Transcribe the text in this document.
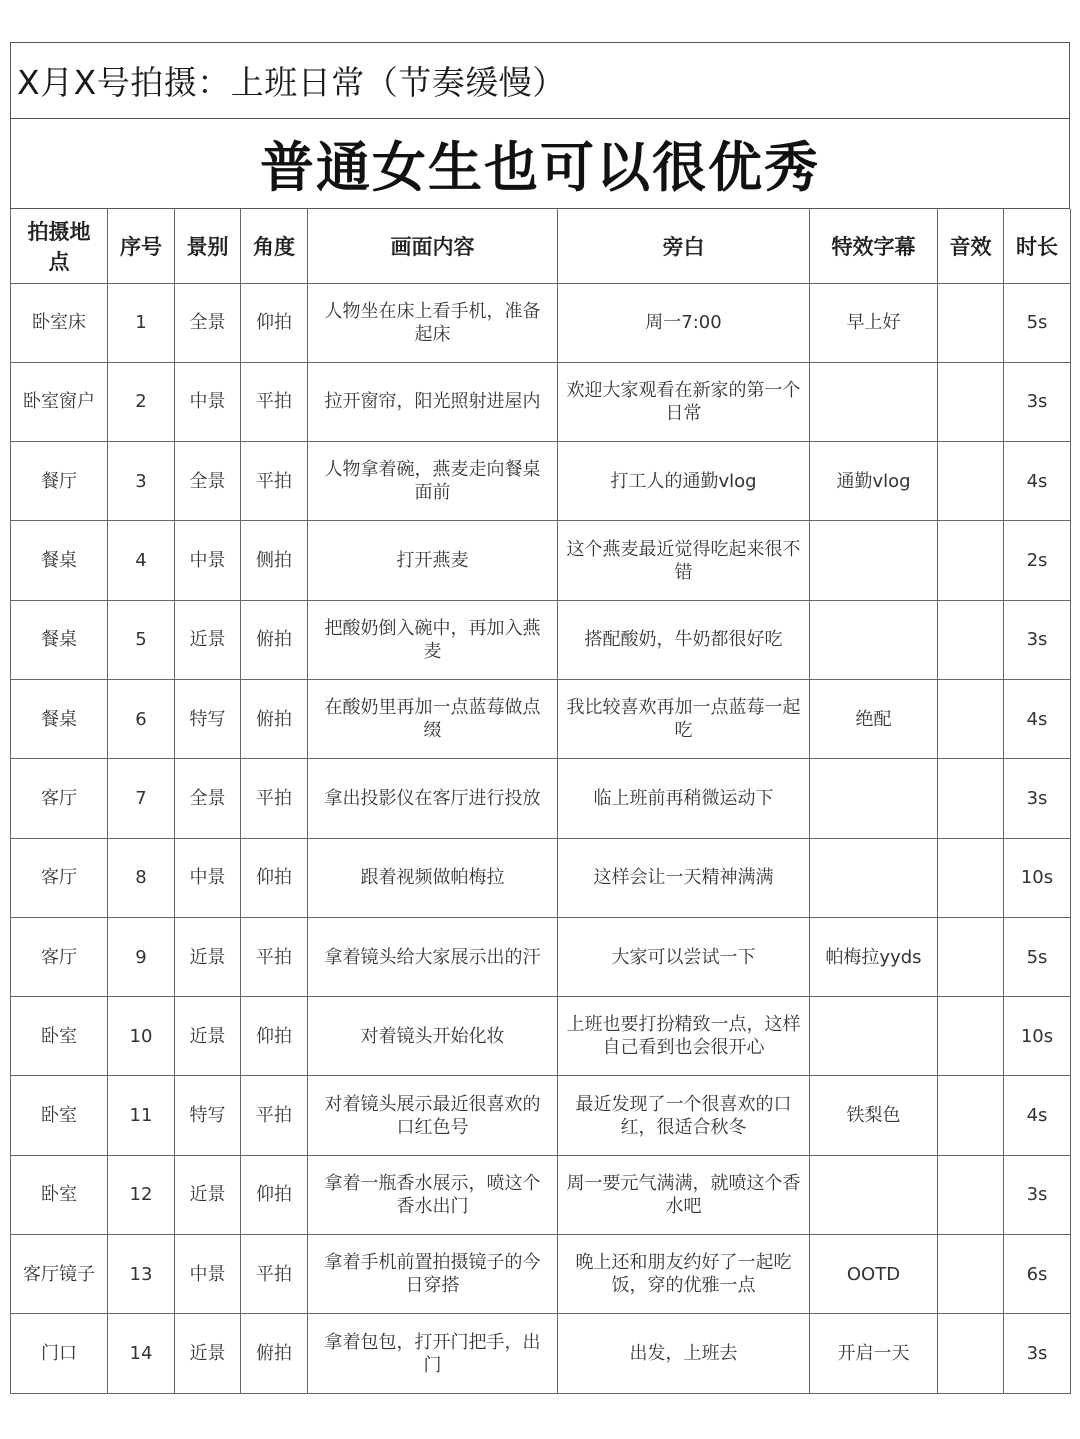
X月X号拍摄：上班日常（节奏缓慢）
普通女生也可以很优秀
拍摄地点	序号	景别	角度	画面内容	旁白	特效字幕	音效	时长
卧室床	1	全景	仰拍	人物坐在床上看手机，准备起床	周一7:00	早上好		5s
卧室窗户	2	中景	平拍	拉开窗帘，阳光照射进屋内	欢迎大家观看在新家的第一个日常			3s
餐厅	3	全景	平拍	人物拿着碗，燕麦走向餐桌面前	打工人的通勤vlog	通勤vlog		4s
餐桌	4	中景	侧拍	打开燕麦	这个燕麦最近觉得吃起来很不错			2s
餐桌	5	近景	俯拍	把酸奶倒入碗中，再加入燕麦	搭配酸奶，牛奶都很好吃			3s
餐桌	6	特写	俯拍	在酸奶里再加一点蓝莓做点缀	我比较喜欢再加一点蓝莓一起吃	绝配		4s
客厅	7	全景	平拍	拿出投影仪在客厅进行投放	临上班前再稍微运动下			3s
客厅	8	中景	仰拍	跟着视频做帕梅拉	这样会让一天精神满满			10s
客厅	9	近景	平拍	拿着镜头给大家展示出的汗	大家可以尝试一下	帕梅拉yyds		5s
卧室	10	近景	仰拍	对着镜头开始化妆	上班也要打扮精致一点，这样自己看到也会很开心			10s
卧室	11	特写	平拍	对着镜头展示最近很喜欢的口红色号	最近发现了一个很喜欢的口红，很适合秋冬	铁梨色		4s
卧室	12	近景	仰拍	拿着一瓶香水展示，喷这个香水出门	周一要元气满满，就喷这个香水吧			3s
客厅镜子	13	中景	平拍	拿着手机前置拍摄镜子的今日穿搭	晚上还和朋友约好了一起吃饭，穿的优雅一点	OOTD		6s
门口	14	近景	俯拍	拿着包包，打开门把手，出门	出发，上班去	开启一天		3s
